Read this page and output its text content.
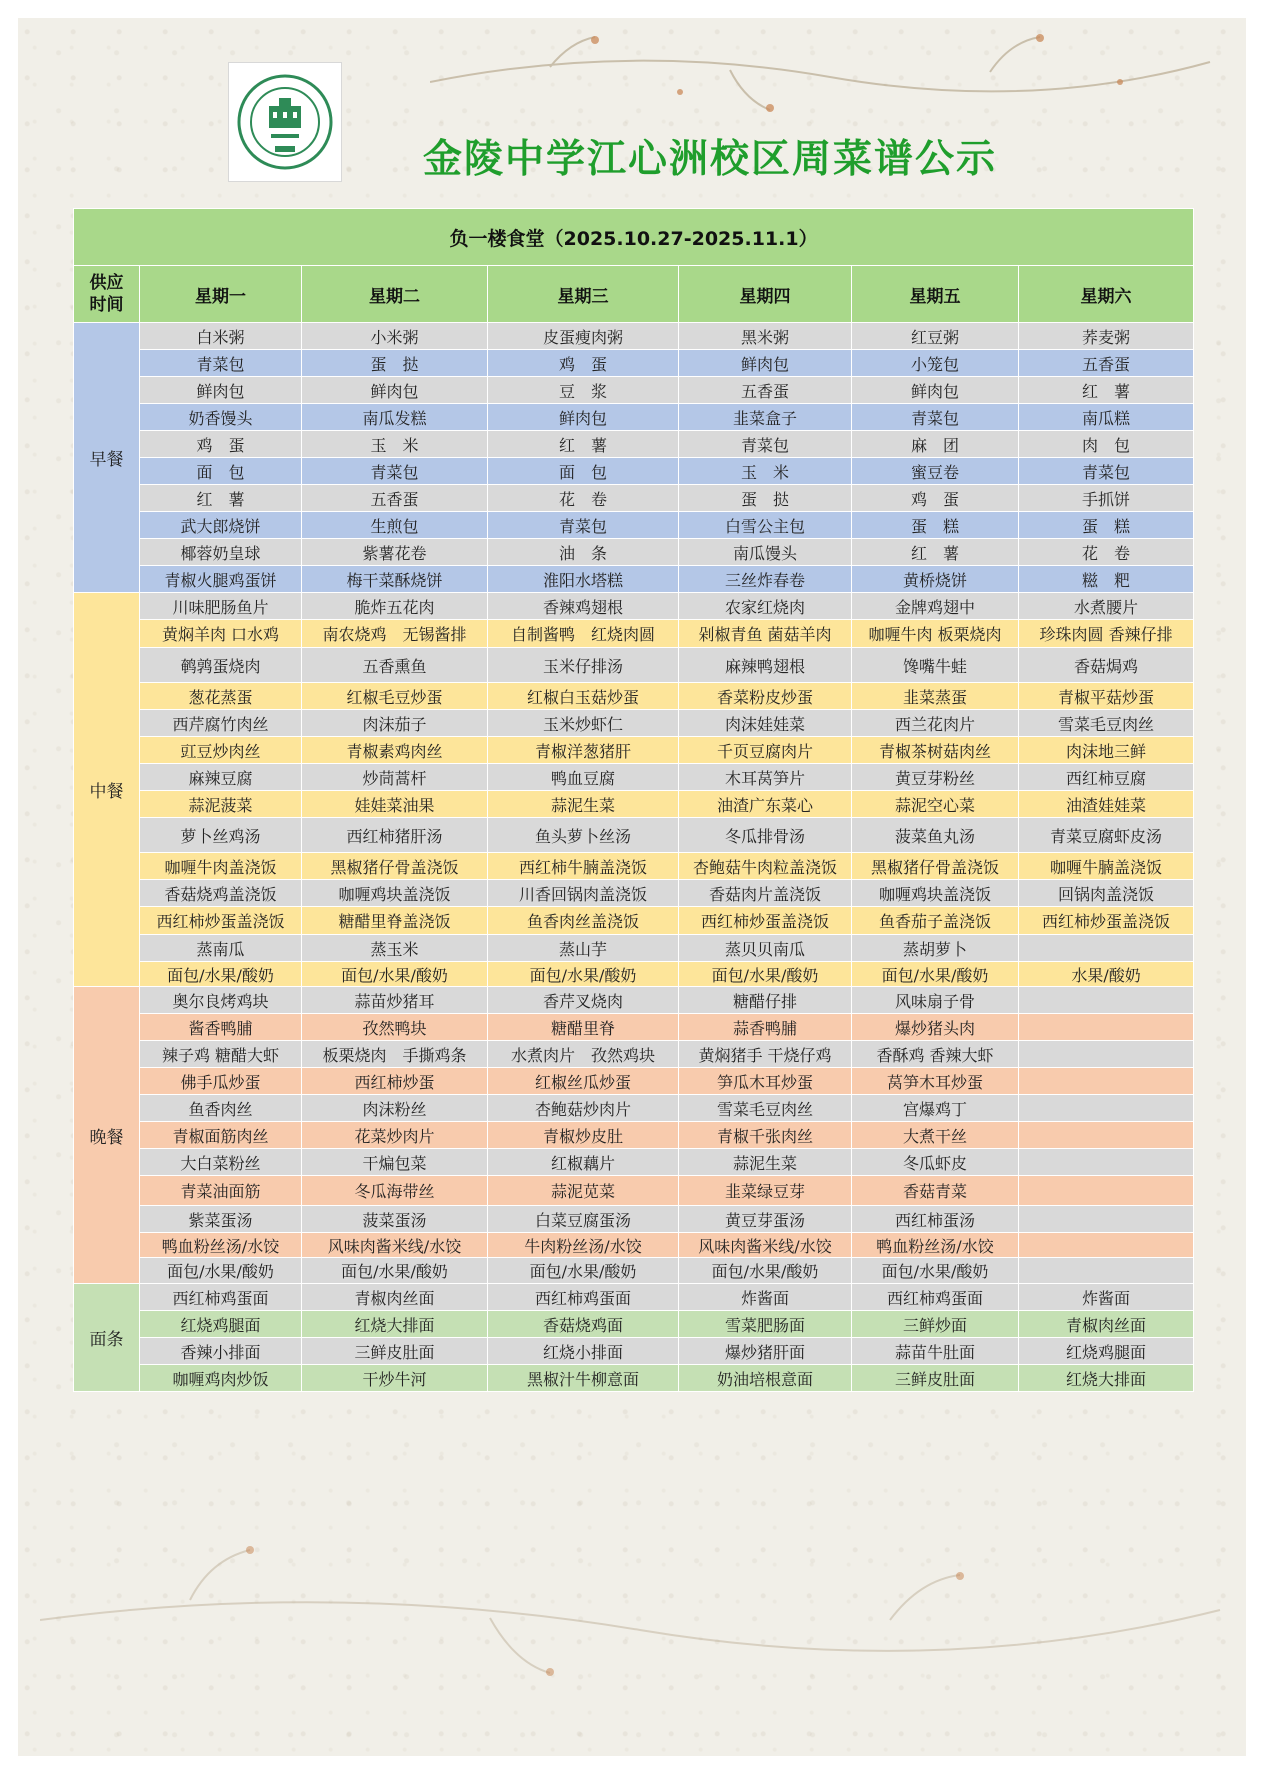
金陵中学江心洲校区周菜谱公示
负一楼食堂（2025.10.27-2025.11.1）						
供应时间	星期一	星期二	星期三	星期四	星期五	星期六
早餐	白米粥	小米粥	皮蛋瘦肉粥	黑米粥	红豆粥	荞麦粥
	青菜包	蛋　挞	鸡　蛋	鲜肉包	小笼包	五香蛋
	鲜肉包	鲜肉包	豆　浆	五香蛋	鲜肉包	红　薯
	奶香馒头	南瓜发糕	鲜肉包	韭菜盒子	青菜包	南瓜糕
	鸡　蛋	玉　米	红　薯	青菜包	麻　团	肉　包
	面　包	青菜包	面　包	玉　米	蜜豆卷	青菜包
	红　薯	五香蛋	花　卷	蛋　挞	鸡　蛋	手抓饼
	武大郎烧饼	生煎包	青菜包	白雪公主包	蛋　糕	蛋　糕
	椰蓉奶皇球	紫薯花卷	油　条	南瓜馒头	红　薯	花　卷
	青椒火腿鸡蛋饼	梅干菜酥烧饼	淮阳水塔糕	三丝炸春卷	黄桥烧饼	糍　粑
中餐	川味肥肠鱼片	脆炸五花肉	香辣鸡翅根	农家红烧肉	金牌鸡翅中	水煮腰片
	黄焖羊肉 口水鸡	南农烧鸡　无锡酱排	自制酱鸭　红烧肉圆	剁椒青鱼 菌菇羊肉	咖喱牛肉 板栗烧肉	珍珠肉圆 香辣仔排
	鹌鹑蛋烧肉	五香熏鱼	玉米仔排汤	麻辣鸭翅根	馋嘴牛蛙	香菇焗鸡
	葱花蒸蛋	红椒毛豆炒蛋	红椒白玉菇炒蛋	香菜粉皮炒蛋	韭菜蒸蛋	青椒平菇炒蛋
	西芹腐竹肉丝	肉沫茄子	玉米炒虾仁	肉沫娃娃菜	西兰花肉片	雪菜毛豆肉丝
	豇豆炒肉丝	青椒素鸡肉丝	青椒洋葱猪肝	千页豆腐肉片	青椒茶树菇肉丝	肉沫地三鲜
	麻辣豆腐	炒茼蒿杆	鸭血豆腐	木耳莴笋片	黄豆芽粉丝	西红柿豆腐
	蒜泥菠菜	娃娃菜油果	蒜泥生菜	油渣广东菜心	蒜泥空心菜	油渣娃娃菜
	萝卜丝鸡汤	西红柿猪肝汤	鱼头萝卜丝汤	冬瓜排骨汤	菠菜鱼丸汤	青菜豆腐虾皮汤
	咖喱牛肉盖浇饭	黑椒猪仔骨盖浇饭	西红柿牛腩盖浇饭	杏鲍菇牛肉粒盖浇饭	黑椒猪仔骨盖浇饭	咖喱牛腩盖浇饭
	香菇烧鸡盖浇饭	咖喱鸡块盖浇饭	川香回锅肉盖浇饭	香菇肉片盖浇饭	咖喱鸡块盖浇饭	回锅肉盖浇饭
	西红柿炒蛋盖浇饭	糖醋里脊盖浇饭	鱼香肉丝盖浇饭	西红柿炒蛋盖浇饭	鱼香茄子盖浇饭	西红柿炒蛋盖浇饭
	蒸南瓜	蒸玉米	蒸山芋	蒸贝贝南瓜	蒸胡萝卜	
	面包/水果/酸奶	面包/水果/酸奶	面包/水果/酸奶	面包/水果/酸奶	面包/水果/酸奶	水果/酸奶
晚餐	奥尔良烤鸡块	蒜苗炒猪耳	香芹叉烧肉	糖醋仔排	风味扇子骨	
	酱香鸭脯	孜然鸭块	糖醋里脊	蒜香鸭脯	爆炒猪头肉	
	辣子鸡 糖醋大虾	板栗烧肉　手撕鸡条	水煮肉片　孜然鸡块	黄焖猪手 干烧仔鸡	香酥鸡 香辣大虾	
	佛手瓜炒蛋	西红柿炒蛋	红椒丝瓜炒蛋	笋瓜木耳炒蛋	莴笋木耳炒蛋	
	鱼香肉丝	肉沫粉丝	杏鲍菇炒肉片	雪菜毛豆肉丝	宫爆鸡丁	
	青椒面筋肉丝	花菜炒肉片	青椒炒皮肚	青椒千张肉丝	大煮干丝	
	大白菜粉丝	干煸包菜	红椒藕片	蒜泥生菜	冬瓜虾皮	
	青菜油面筋	冬瓜海带丝	蒜泥苋菜	韭菜绿豆芽	香菇青菜	
	紫菜蛋汤	菠菜蛋汤	白菜豆腐蛋汤	黄豆芽蛋汤	西红柿蛋汤	
	鸭血粉丝汤/水饺	风味肉酱米线/水饺	牛肉粉丝汤/水饺	风味肉酱米线/水饺	鸭血粉丝汤/水饺	
	面包/水果/酸奶	面包/水果/酸奶	面包/水果/酸奶	面包/水果/酸奶	面包/水果/酸奶	
面条	西红柿鸡蛋面	青椒肉丝面	西红柿鸡蛋面	炸酱面	西红柿鸡蛋面	炸酱面
	红烧鸡腿面	红烧大排面	香菇烧鸡面	雪菜肥肠面	三鲜炒面	青椒肉丝面
	香辣小排面	三鲜皮肚面	红烧小排面	爆炒猪肝面	蒜苗牛肚面	红烧鸡腿面
	咖喱鸡肉炒饭	干炒牛河	黑椒汁牛柳意面	奶油培根意面	三鲜皮肚面	红烧大排面
